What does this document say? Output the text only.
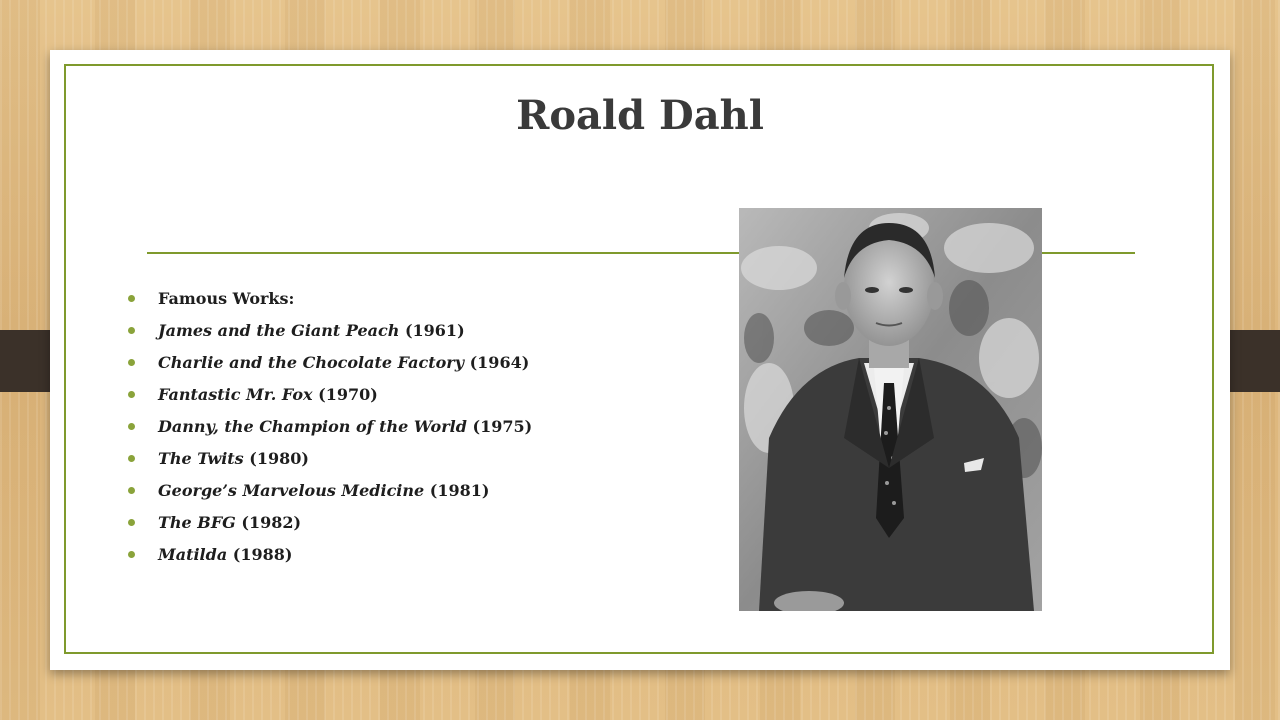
Roald Dahl
Famous Works:
James and the Giant Peach (1961)
Charlie and the Chocolate Factory (1964)
Fantastic Mr. Fox (1970)
Danny, the Champion of the World (1975)
The Twits (1980)
George’s Marvelous Medicine (1981)
The BFG (1982)
Matilda (1988)
